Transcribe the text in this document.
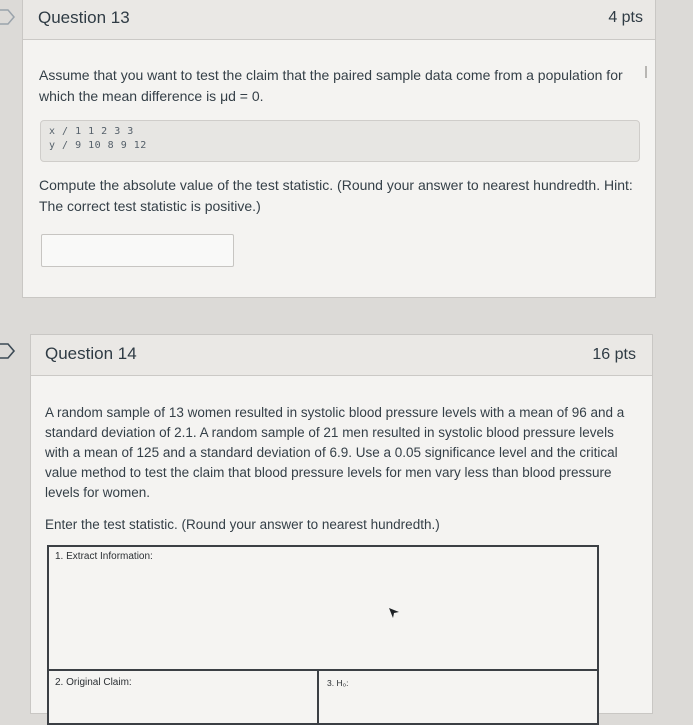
Question 13	4 pts
Assume that you want to test the claim that the paired sample data come from a population for which the mean difference is μd = 0.
x / 1 1 2 3 3
y / 9 10 8 9 12
Compute the absolute value of the test statistic. (Round your answer to nearest hundredth. Hint: The correct test statistic is positive.)
Question 14	16 pts
A random sample of 13 women resulted in systolic blood pressure levels with a mean of 96 and a standard deviation of 2.1. A random sample of 21 men resulted in systolic blood pressure levels with a mean of 125 and a standard deviation of 6.9. Use a 0.05 significance level and the critical value method to test the claim that blood pressure levels for men vary less than blood pressure levels for women.
Enter the test statistic. (Round your answer to nearest hundredth.)
1. Extract Information:
2. Original Claim:	3. H₀:
